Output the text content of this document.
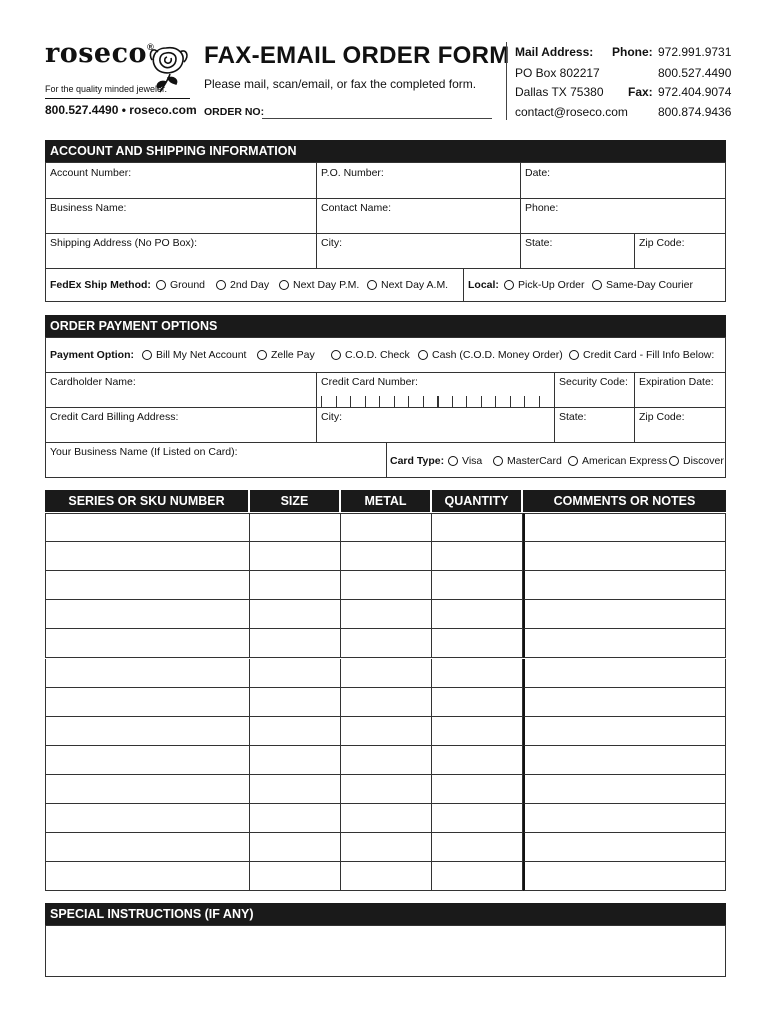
roseco®
For the quality minded jeweler.
800.527.4490 • roseco.com
FAX-EMAIL ORDER FORM
Please mail, scan/email, or fax the completed form.
ORDER NO:
Mail Address:
PO Box 802217
Dallas TX 75380
contact@roseco.com
Phone: 972.991.9731
800.527.4490
Fax: 972.404.9074
800.874.9436
ACCOUNT AND SHIPPING INFORMATION
Account Number:	P.O. Number:	Date:
Business Name:	Contact Name:	Phone:
Shipping Address (No PO Box):	City:	State:	Zip Code:
FedEx Ship Method:	Ground	2nd Day	Next Day P.M.	Next Day A.M. Local:	Pick-Up Order	Same-Day Courier
ORDER PAYMENT OPTIONS
Payment Option:	Bill My Net Account	Zelle Pay	C.O.D. Check	Cash (C.O.D. Money Order)	Credit Card - Fill Info Below:
Cardholder Name:	Credit Card Number:	Security Code: Expiration Date:
Credit Card Billing Address:	City:	State:	Zip Code:
Your Business Name (If Listed on Card):
Card Type:	Visa	MasterCard	American Express	Discover
SERIES OR SKU NUMBER	SIZE	METAL	QUANTITY	COMMENTS OR NOTES
SPECIAL INSTRUCTIONS (IF ANY)
